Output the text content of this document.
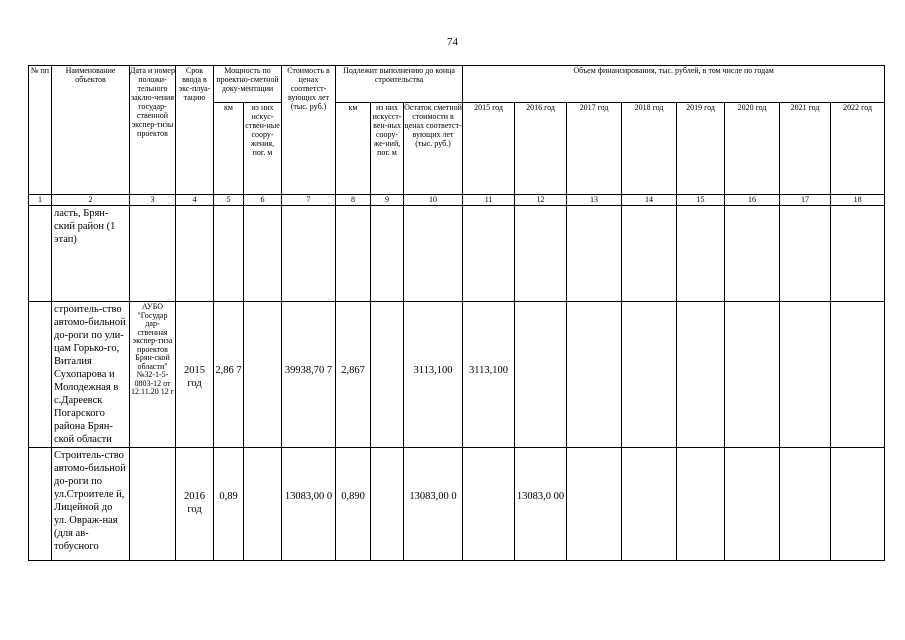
74
№ пп	Наименование объектов	Дата и номер положи-тельного заклю-чения государ-ственной экспер-тизы проектов	Срок ввода в экс-плуа-тацию	Мощность по проектно-сметной доку-ментации		Стоимость в ценах соответст-вующих лет (тыс. руб.)	Подлежит выполнению до конца строительства			Объем финансирования, тыс. рублей, в том числе по годам							
				км	из них искус-ствен-ные соору-жения, пог. м		км	из них искусст-вен-ных соору-же-ний, пог. м	Остаток сметной стоимости в ценах соответст-вующих лет (тыс. руб.)	2015 год	2016 год	2017 год	2018 год	2019 год	2020 год	2021 год	2022 год
1	2	3	4	5	6	7	8	9	10	11	12	13	14	15	16	17	18
	ласть, Брян-ский район (1 этап)																
	строитель-ство автомо-бильной до-роги по ули-цам Горько-го, Виталия Сухопарова и Молодежная в с.Дареевск Погарского района Брян-ской области	АУБО "Государ дар-ственная экспер-тиза проектов Брян-ской области" №32-1-5-0803-12 от 12.11.20 12 г	2015 год	2,86 7		39938,70 7	2,867		3113,100	3113,100							
	Строитель-ство автомо-бильной до-роги по ул.Строителе й, Лицейной до ул. Овраж-ная (для ав-тобусного		2016 год	0,89		13083,00 0	0,890		13083,00 0		13083,0 00						
